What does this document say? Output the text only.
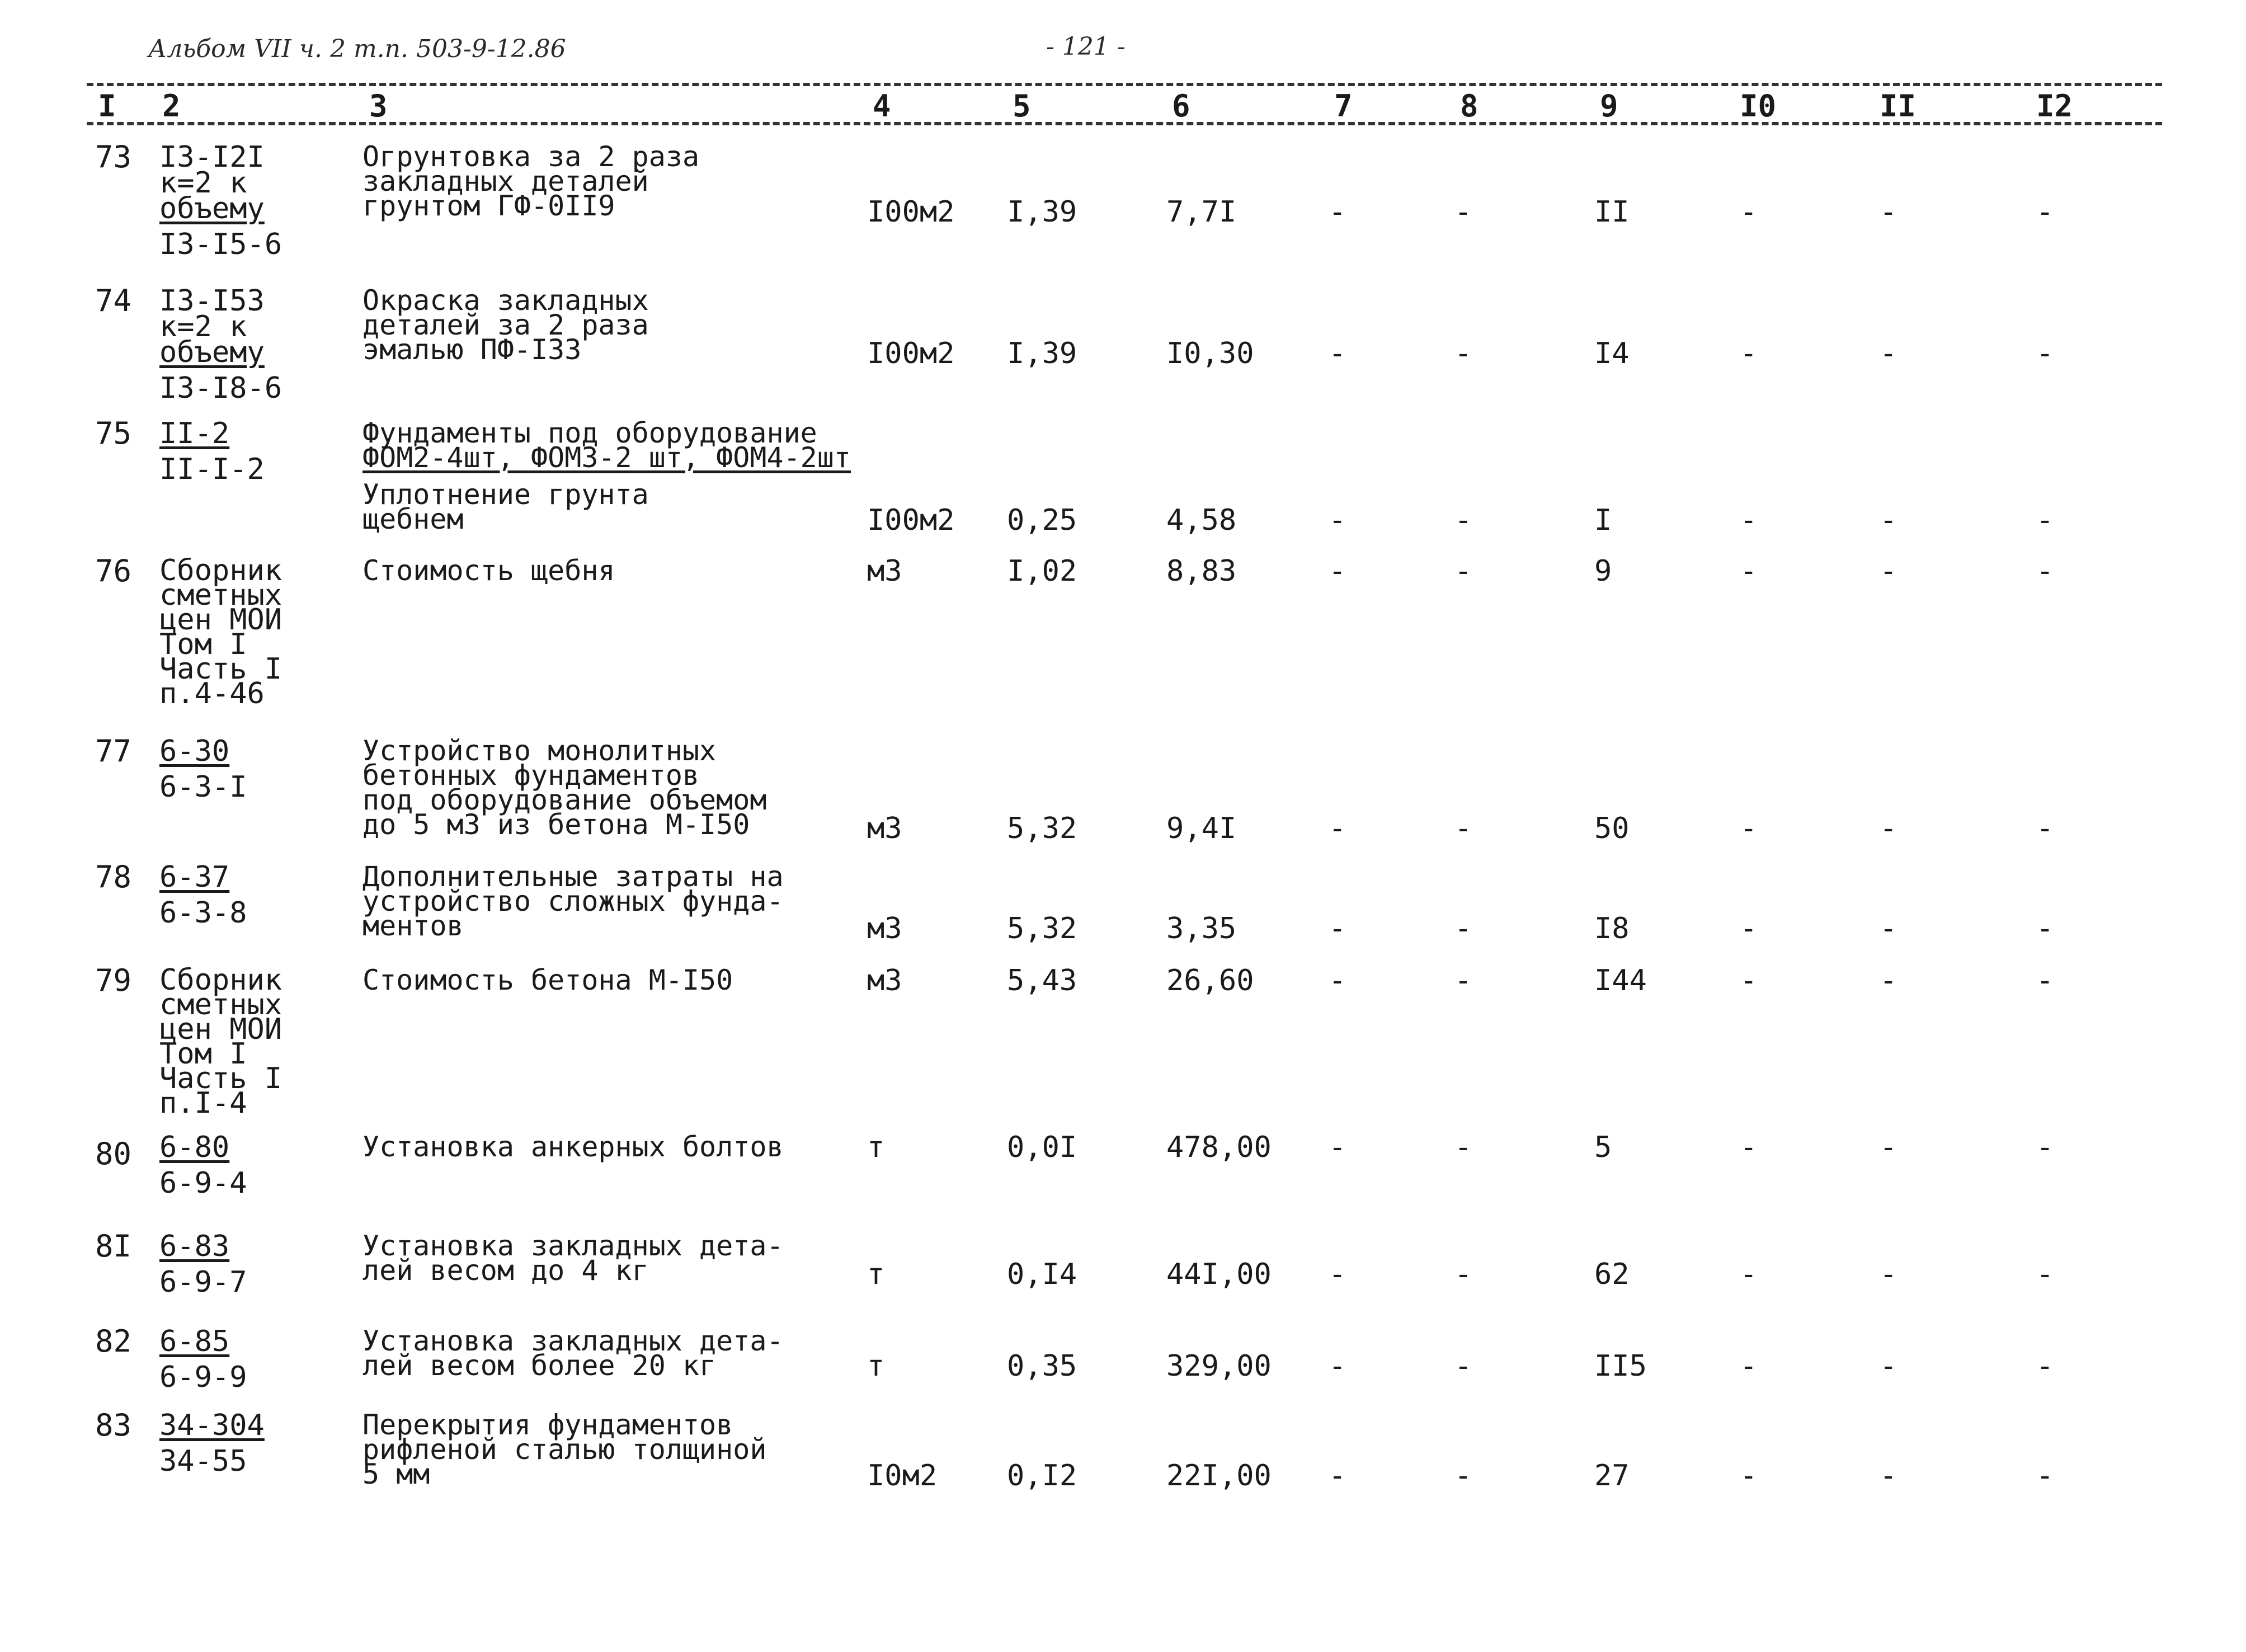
Альбом VII ч. 2 т.п. 503-9-12.86	- 121 -
I 2	3	4	5	6	7	8	9	I0	II	I2
73 I3-I2I
к=2 к
объему
I3-I5-6
Огрунтовка за 2 раза
закладных деталей
грунтом ГФ-0II9	I00м2 I,39	7,7I	-	-	II	-	-	-
74 I3-I53
к=2 к
объему
I3-I8-6
Окраска закладных
деталей за 2 раза
эмалью ПФ-I33	I00м2 I,39	I0,30	-	-	I4	-	-	-
75 II-2
II-I-2
Фундаменты под оборудование
ФОМ2-4шт, ФОМ3-2 шт, ФОМ4-2шт
Уплотнение грунта
щебнем	I00м2 0,25	4,58	-	-	I	-	-	-
76 Сборник
сметных
цен МОИ
Том I
Часть I
п.4-46
Стоимость щебня	м3	I,02	8,83	-	-	9	-	-	-
77 6-30
6-3-I
Устройство монолитных
бетонных фундаментов
под оборудование объемом
до 5 м3 из бетона М-I50	м3	5,32	9,4I	-	-	50	-	-	-
78 6-37
6-3-8
Дополнительные затраты на
устройство сложных фунда-
ментов	м3	5,32	3,35	-	-	I8	-	-	-
79 Сборник
сметных
цен МОИ
Том I
Часть I
п.I-4
Стоимость бетона М-I50	м3	5,43	26,60	-	-	I44	-	-	-
80 6-80
6-9-4
Установка анкерных болтов	т	0,0I	478,00 -	-	5	-	-	-
8I 6-83
6-9-7
Установка закладных дета-
лей весом до 4 кг	т	0,I4	44I,00 -	-	62	-	-	-
82 6-85
6-9-9
Установка закладных дета-
лей весом более 20 кг	т	0,35	329,00 -	-	II5	-	-	-
83 34-304
34-55
Перекрытия фундаментов
рифленой сталью толщиной
5 мм	I0м2 0,I2	22I,00 -	-	27	-	-	-
